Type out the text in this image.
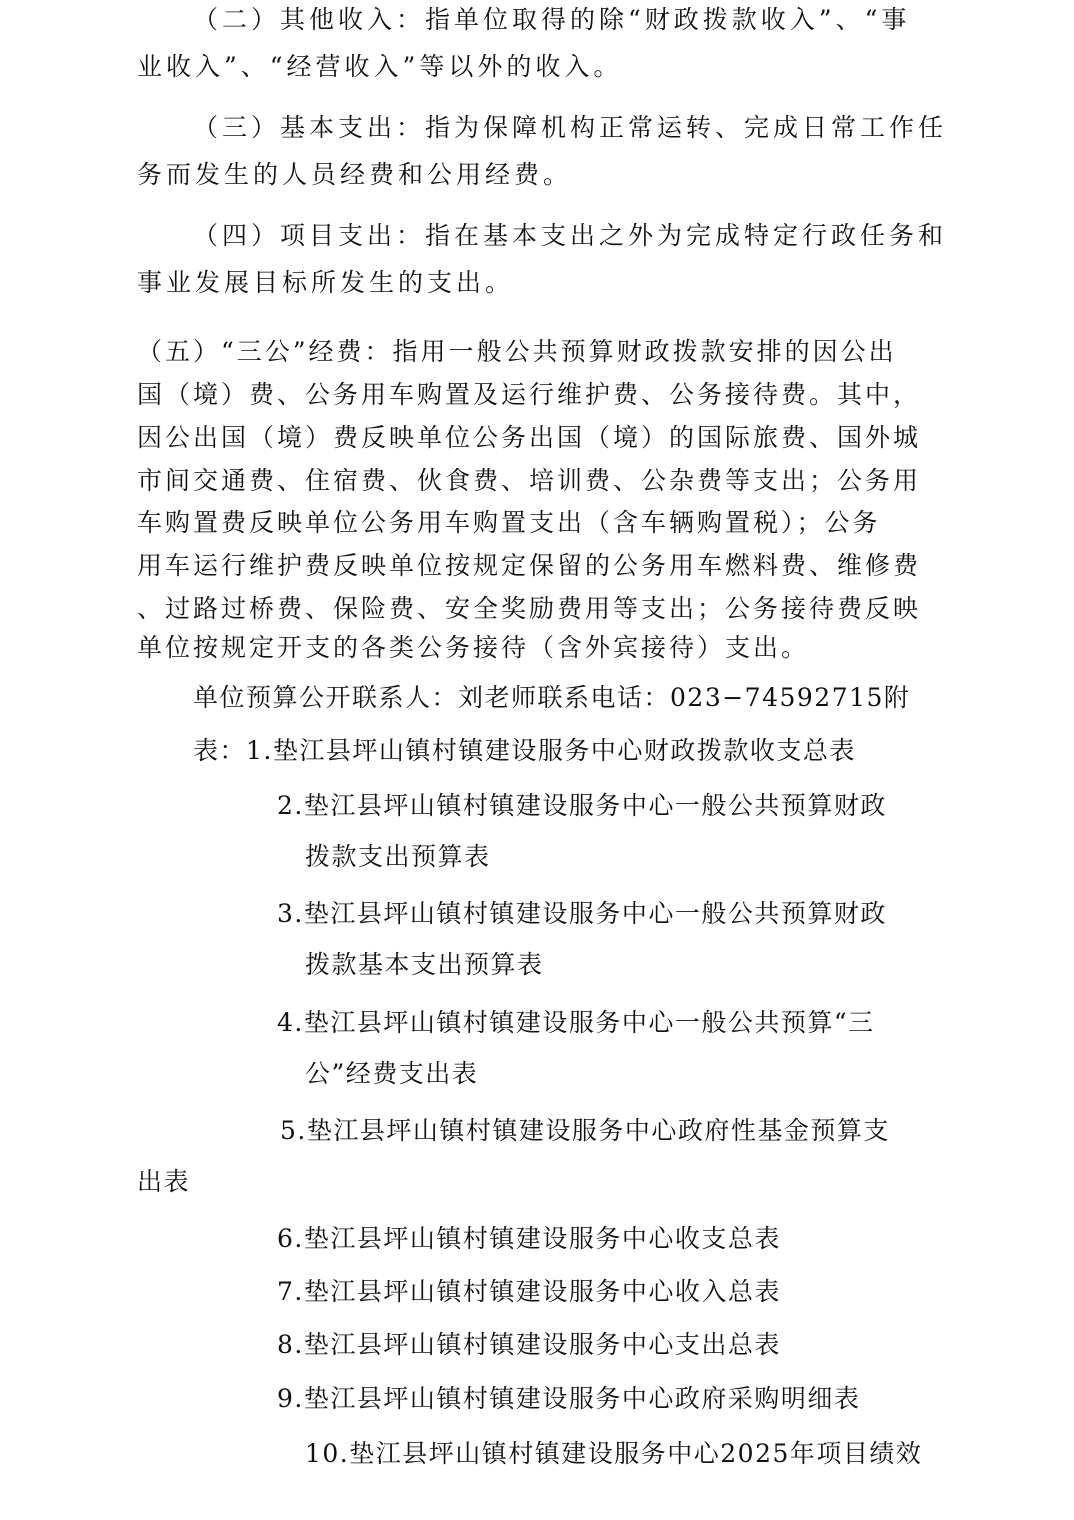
（二）其他收入：指单位取得的除“财政拨款收入”、“事
业收入”、“经营收入”等以外的收入。
（三）基本支出：指为保障机构正常运转、完成日常工作任
务而发生的人员经费和公用经费。
（四）项目支出：指在基本支出之外为完成特定行政任务和
事业发展目标所发生的支出。
（五）“三公”经费：指用一般公共预算财政拨款安排的因公出
国（境）费、公务用车购置及运行维护费、公务接待费。其中，
因公出国（境）费反映单位公务出国（境）的国际旅费、国外城
市间交通费、住宿费、伙食费、培训费、公杂费等支出；公务用
车购置费反映单位公务用车购置支出（含车辆购置税）；公务
用车运行维护费反映单位按规定保留的公务用车燃料费、维修费
、过路过桥费、保险费、安全奖励费用等支出；公务接待费反映
单位按规定开支的各类公务接待（含外宾接待）支出。
单位预算公开联系人：刘老师联系电话：023−74592715附
表：1.垫江县坪山镇村镇建设服务中心财政拨款收支总表
2.垫江县坪山镇村镇建设服务中心一般公共预算财政
拨款支出预算表
3.垫江县坪山镇村镇建设服务中心一般公共预算财政
拨款基本支出预算表
4.垫江县坪山镇村镇建设服务中心一般公共预算“三
公”经费支出表
5.垫江县坪山镇村镇建设服务中心政府性基金预算支
出表
6.垫江县坪山镇村镇建设服务中心收支总表
7.垫江县坪山镇村镇建设服务中心收入总表
8.垫江县坪山镇村镇建设服务中心支出总表
9.垫江县坪山镇村镇建设服务中心政府采购明细表
10.垫江县坪山镇村镇建设服务中心2025年项目绩效
